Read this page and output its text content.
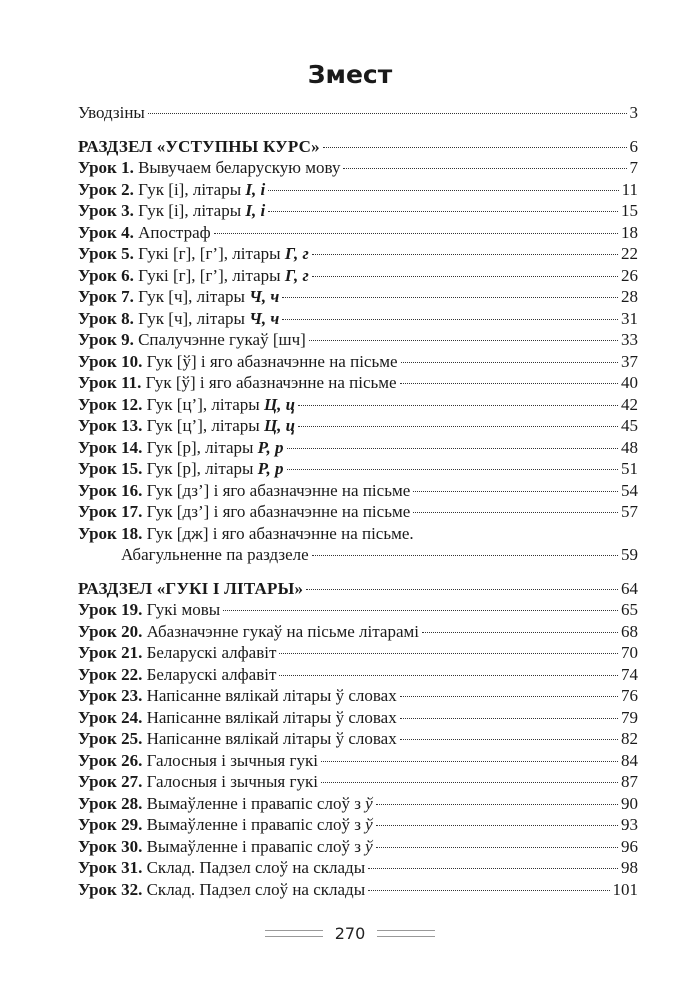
Змест
Уводзіны	3
РАЗДЗЕЛ «УСТУПНЫ КУРС»	6
Урок 1. Вывучаем беларускую мову	7
Урок 2. Гук [і], літары І, і	11
Урок 3. Гук [і], літары І, і	15
Урок 4. Апостраф	18
Урок 5. Гукі [г], [г’], літары Г, г	22
Урок 6. Гукі [г], [г’], літары Г, г	26
Урок 7. Гук [ч], літары Ч, ч	28
Урок 8. Гук [ч], літары Ч, ч	31
Урок 9. Спалучэнне гукаў [шч]	33
Урок 10. Гук [ў] і яго абазначэнне на пісьме	37
Урок 11. Гук [ў] і яго абазначэнне на пісьме	40
Урок 12. Гук [ц’], літары Ц, ц	42
Урок 13. Гук [ц’], літары Ц, ц	45
Урок 14. Гук [р], літары Р, р	48
Урок 15. Гук [р], літары Р, р	51
Урок 16. Гук [дз’] і яго абазначэнне на пісьме	54
Урок 17. Гук [дз’] і яго абазначэнне на пісьме	57
Урок 18. Гук [дж] і яго абазначэнне на пісьме.
Абагульненне па раздзеле	59
РАЗДЗЕЛ «ГУКІ І ЛІТАРЫ»	64
Урок 19. Гукі мовы	65
Урок 20. Абазначэнне гукаў на пісьме літарамі	68
Урок 21. Беларускі алфавіт	70
Урок 22. Беларускі алфавіт	74
Урок 23. Напісанне вялікай літары ў словах	76
Урок 24. Напісанне вялікай літары ў словах	79
Урок 25. Напісанне вялікай літары ў словах	82
Урок 26. Галосныя і зычныя гукі	84
Урок 27. Галосныя і зычныя гукі	87
Урок 28. Вымаўленне і правапіс слоў з ў	90
Урок 29. Вымаўленне і правапіс слоў з ў	93
Урок 30. Вымаўленне і правапіс слоў з ў	96
Урок 31. Склад. Падзел слоў на склады	98
Урок 32. Склад. Падзел слоў на склады	101
270
